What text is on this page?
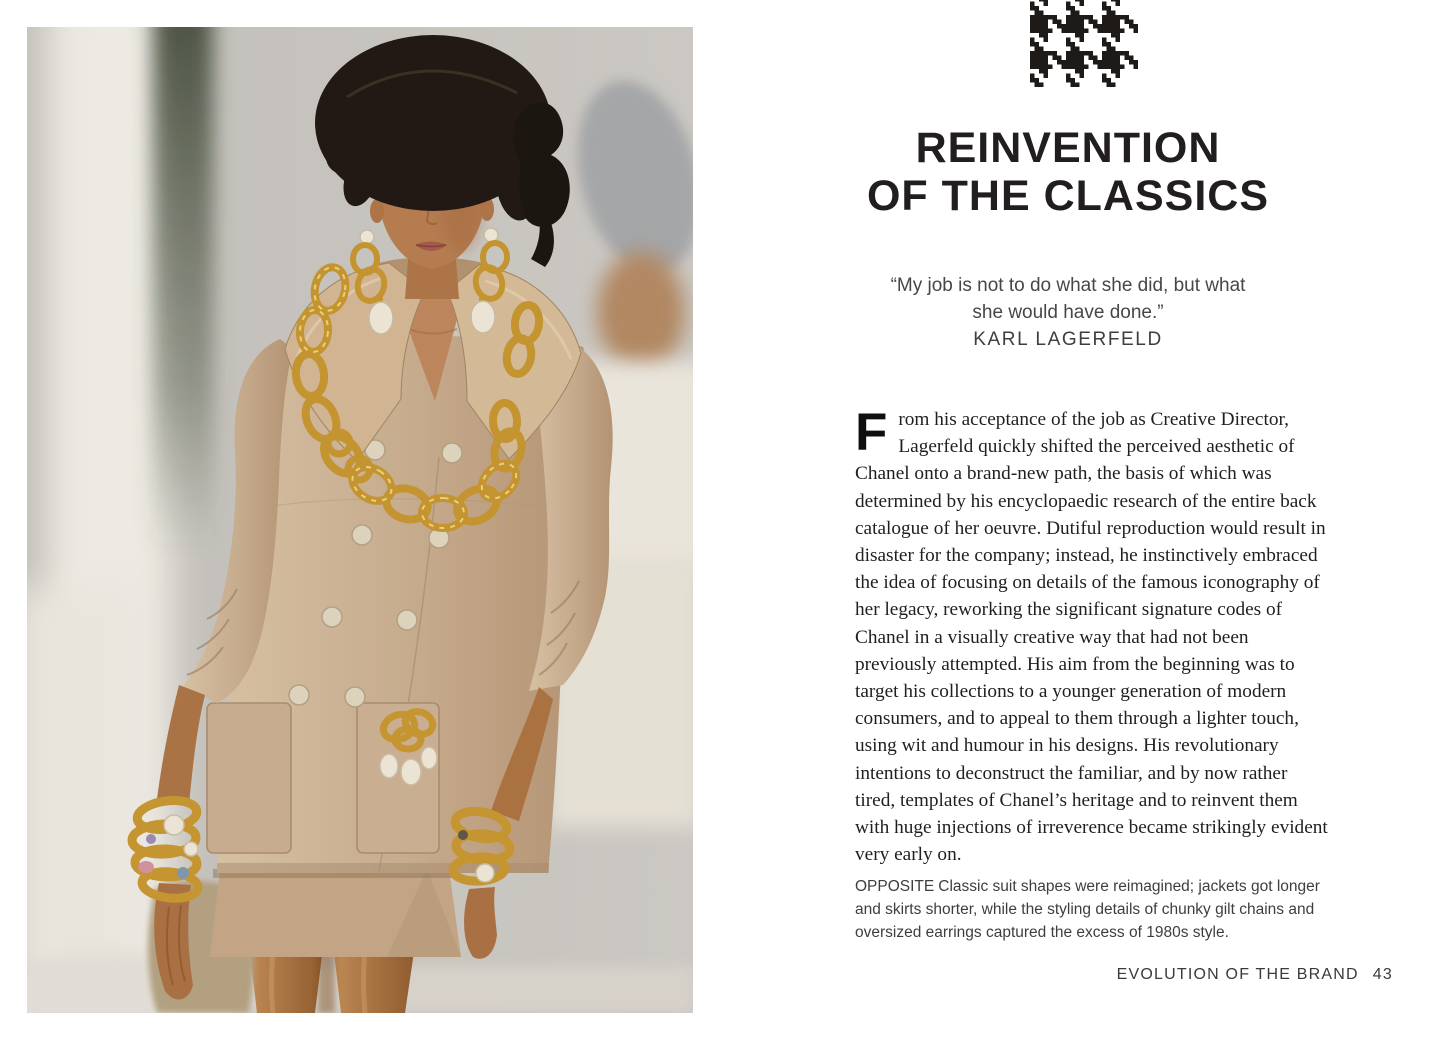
REINVENTION
OF THE CLASSICS

“My job is not to do what she did, but what
she would have done.”

KARL LAGERFELD

From his acceptance of the job as Creative Director, Lagerfeld quickly shifted the perceived aesthetic of Chanel onto a brand-new path, the basis of which was determined by his encyclopaedic research of the entire back catalogue of her oeuvre. Dutiful reproduction would result in disaster for the company; instead, he instinctively embraced the idea of focusing on details of the famous iconography of her legacy, reworking the significant signature codes of Chanel in a visually creative way that had not been previously attempted. His aim from the beginning was to target his collections to a younger generation of modern consumers, and to appeal to them through a lighter touch, using wit and humour in his designs. His revolutionary intentions to deconstruct the familiar, and by now rather tired, templates of Chanel’s heritage and to reinvent them with huge injections of irreverence became strikingly evident very early on.

OPPOSITE Classic suit shapes were reimagined; jackets got longer and skirts shorter, while the styling details of chunky gilt chains and oversized earrings captured the excess of 1980s style.

EVOLUTION OF THE BRAND 43
